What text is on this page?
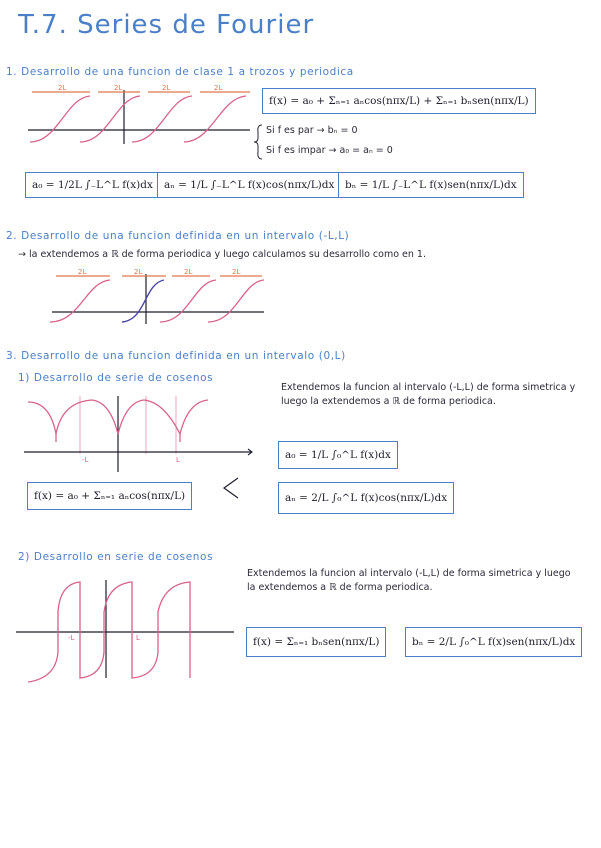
T.7. Series de Fourier
1. Desarrollo de una funcion de clase 1 a trozos y periodica
2L	2L	2L	2L
f(x) = a₀ + Σₙ₌₁ aₙcos(nπx/L) + Σₙ₌₁ bₙsen(nπx/L)
Si f es par → bₙ = 0
Si f es impar → a₀ = aₙ = 0
a₀ = 1/2L ∫₋L^L f(x)dx	aₙ = 1/L ∫₋L^L f(x)cos(nπx/L)dx	bₙ = 1/L ∫₋L^L f(x)sen(nπx/L)dx
2. Desarrollo de una funcion definida en un intervalo (-L,L)
→ la extendemos a ℝ de forma periodica y luego calculamos su desarrollo como en 1.
2L	2L	2L	2L
3. Desarrollo de una funcion definida en un intervalo (0,L)
1) Desarrollo de serie de cosenos
-L	L
Extendemos la funcion al intervalo (-L,L) de forma simetrica y luego la extendemos a ℝ de forma periodica.
a₀ = 1/L ∫₀^L f(x)dx
f(x) = a₀ + Σₙ₌₁ aₙcos(nπx/L)	aₙ = 2/L ∫₀^L f(x)cos(nπx/L)dx
2) Desarrollo en serie de cosenos
-L	L
Extendemos la funcion al intervalo (-L,L) de forma simetrica y luego la extendemos a ℝ de forma periodica.
f(x) = Σₙ₌₁ bₙsen(nπx/L)	bₙ = 2/L ∫₀^L f(x)sen(nπx/L)dx
